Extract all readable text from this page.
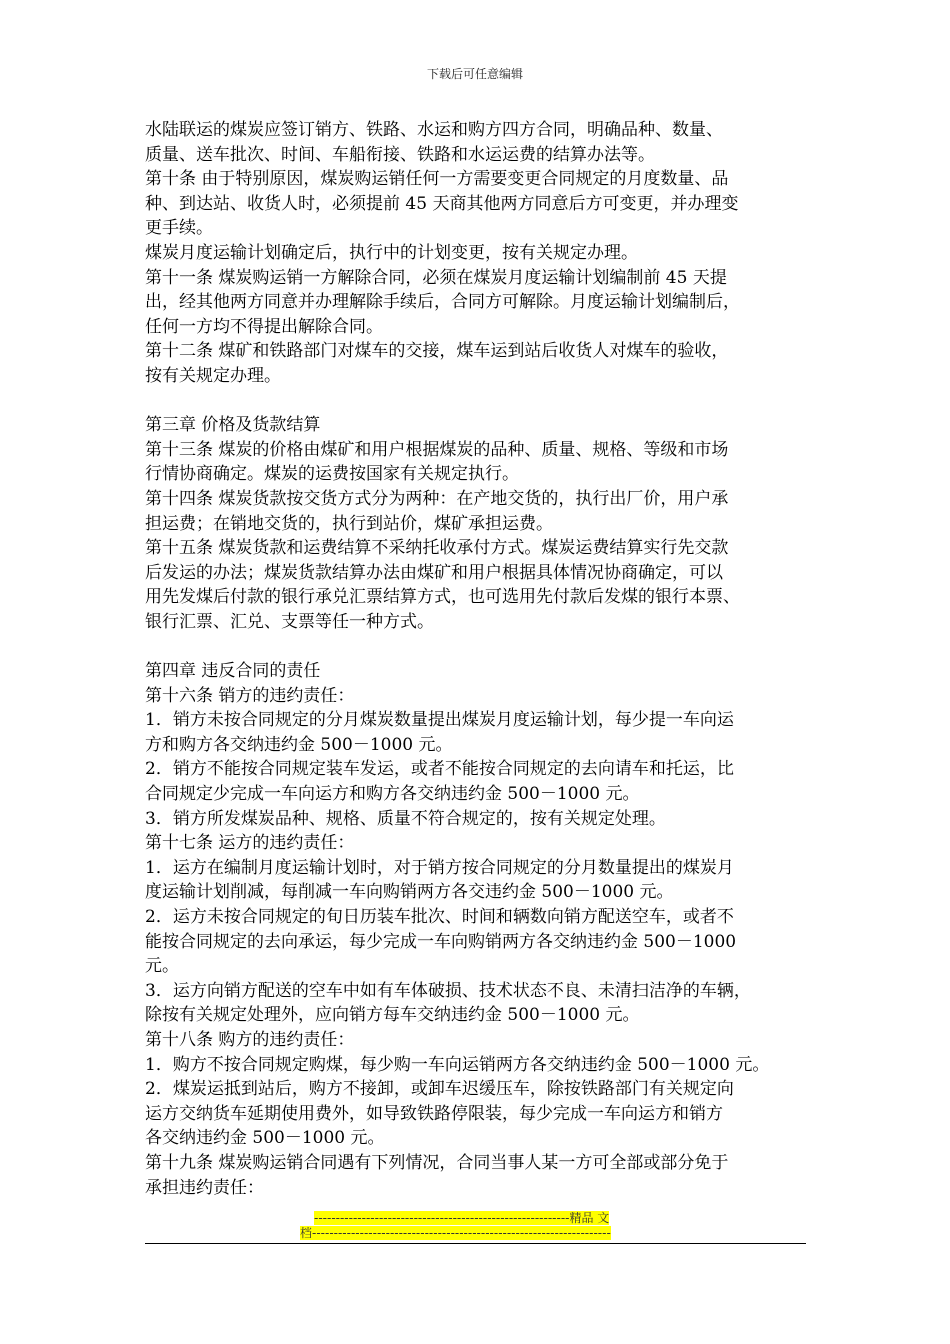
下载后可任意编辑
水陆联运的煤炭应签订销方、铁路、水运和购方四方合同，明确品种、数量、
质量、送车批次、时间、车船衔接、铁路和水运运费的结算办法等。
第十条 由于特别原因，煤炭购运销任何一方需要变更合同规定的月度数量、品
种、到达站、收货人时，必须提前 45 天商其他两方同意后方可变更，并办理变
更手续。
煤炭月度运输计划确定后，执行中的计划变更，按有关规定办理。
第十一条 煤炭购运销一方解除合同，必须在煤炭月度运输计划编制前 45 天提
出，经其他两方同意并办理解除手续后，合同方可解除。月度运输计划编制后，
任何一方均不得提出解除合同。
第十二条 煤矿和铁路部门对煤车的交接，煤车运到站后收货人对煤车的验收，
按有关规定办理。
第三章 价格及货款结算
第十三条 煤炭的价格由煤矿和用户根据煤炭的品种、质量、规格、等级和市场
行情协商确定。煤炭的运费按国家有关规定执行。
第十四条 煤炭货款按交货方式分为两种：在产地交货的，执行出厂价，用户承
担运费；在销地交货的，执行到站价，煤矿承担运费。
第十五条 煤炭货款和运费结算不采纳托收承付方式。煤炭运费结算实行先交款
后发运的办法；煤炭货款结算办法由煤矿和用户根据具体情况协商确定，可以
用先发煤后付款的银行承兑汇票结算方式，也可选用先付款后发煤的银行本票、
银行汇票、汇兑、支票等任一种方式。
第四章 违反合同的责任
第十六条 销方的违约责任：
1．销方未按合同规定的分月煤炭数量提出煤炭月度运输计划，每少提一车向运
方和购方各交纳违约金 500－1000 元。
2．销方不能按合同规定装车发运，或者不能按合同规定的去向请车和托运，比
合同规定少完成一车向运方和购方各交纳违约金 500－1000 元。
3．销方所发煤炭品种、规格、质量不符合规定的，按有关规定处理。
第十七条 运方的违约责任：
1．运方在编制月度运输计划时，对于销方按合同规定的分月数量提出的煤炭月
度运输计划削减，每削减一车向购销两方各交违约金 500－1000 元。
2．运方未按合同规定的旬日历装车批次、时间和辆数向销方配送空车，或者不
能按合同规定的去向承运，每少完成一车向购销两方各交纳违约金 500－1000
元。
3．运方向销方配送的空车中如有车体破损、技术状态不良、未清扫洁净的车辆，
除按有关规定处理外，应向销方每车交纳违约金 500－1000 元。
第十八条 购方的违约责任：
1．购方不按合同规定购煤，每少购一车向运销两方各交纳违约金 500－1000 元。
2．煤炭运抵到站后，购方不接卸，或卸车迟缓压车，除按铁路部门有关规定向
运方交纳货车延期使用费外，如导致铁路停限装，每少完成一车向运方和销方
各交纳违约金 500－1000 元。
第十九条 煤炭购运销合同遇有下列情况，合同当事人某一方可全部或部分免于
承担违约责任：
-----------------------------------------------------------精品 文
档---------------------------------------------------------------------
